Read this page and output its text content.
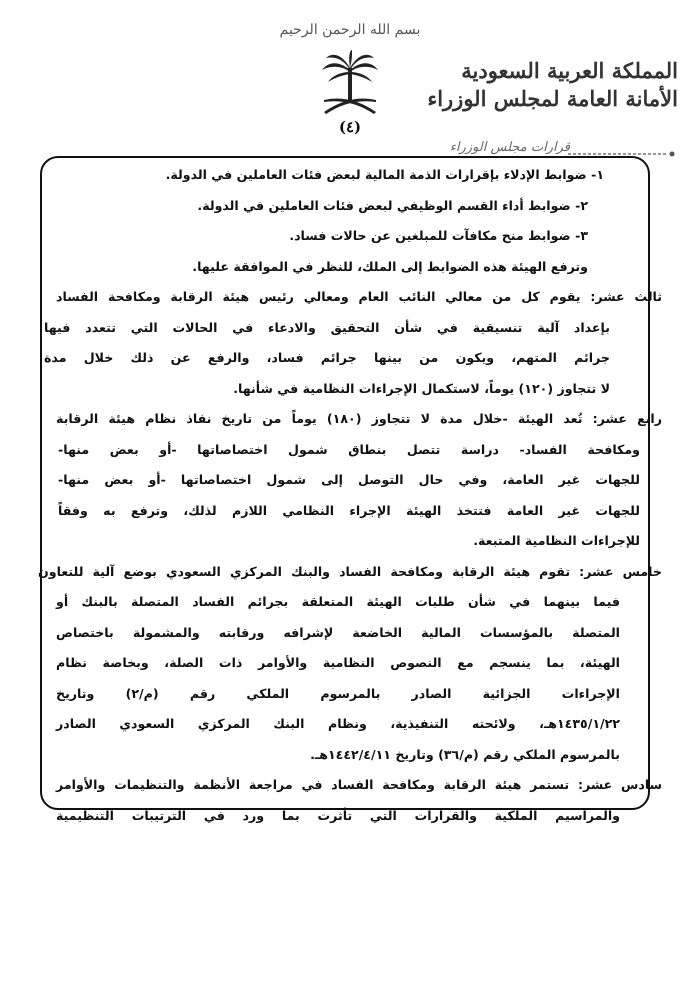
بسم الله الرحمن الرحيم
(٤)
المملكة العربية السعودية
الأمانة العامة لمجلس الوزراء
قرارات مجلس الوزراء
١- ضوابط الإدلاء بإقرارات الذمة المالية لبعض فئات العاملين في الدولة.
٢- ضوابط أداء القسم الوظيفي لبعض فئات العاملين في الدولة.
٣- ضوابط منح مكافآت للمبلغين عن حالات فساد.
وترفع الهيئة هذه الضوابط إلى الملك، للنظر في الموافقة عليها.
ثالث عشر: يقوم كل من معالي النائب العام ومعالي رئيس هيئة الرقابة ومكافحة الفساد
بإعداد آلية تنسيقية في شأن التحقيق والادعاء في الحالات التي تتعدد فيها
جرائم المتهم، ويكون من بينها جرائم فساد، والرفع عن ذلك خلال مدة
لا تتجاوز (١٢٠) يوماً، لاستكمال الإجراءات النظامية في شأنها.
رابع عشر: تُعد الهيئة -خلال مدة لا تتجاوز (١٨٠) يوماً من تاريخ نفاذ نظام هيئة الرقابة
ومكافحة الفساد- دراسة تتصل بنطاق شمول اختصاصاتها -أو بعض منها-
للجهات غير العامة، وفي حال التوصل إلى شمول اختصاصاتها -أو بعض منها-
للجهات غير العامة فتتخذ الهيئة الإجراء النظامي اللازم لذلك، وترفع به وفقاً
للإجراءات النظامية المتبعة.
خامس عشر: تقوم هيئة الرقابة ومكافحة الفساد والبنك المركزي السعودي بوضع آلية للتعاون
فيما بينهما في شأن طلبات الهيئة المتعلقة بجرائم الفساد المتصلة بالبنك أو
المتصلة بالمؤسسات المالية الخاضعة لإشرافه ورقابته والمشمولة باختصاص
الهيئة، بما ينسجم مع النصوص النظامية والأوامر ذات الصلة، وبخاصة نظام
الإجراءات الجزائية الصادر بالمرسوم الملكي رقم (م/٢) وتاريخ
١٤٣٥/١/٢٢هـ، ولائحته التنفيذية، ونظام البنك المركزي السعودي الصادر
بالمرسوم الملكي رقم (م/٣٦) وتاريخ ١٤٤٢/٤/١١هـ.
سادس عشر: تستمر هيئة الرقابة ومكافحة الفساد في مراجعة الأنظمة والتنظيمات والأوامر
والمراسيم الملكية والقرارات التي تأثرت بما ورد في الترتيبات التنظيمية
